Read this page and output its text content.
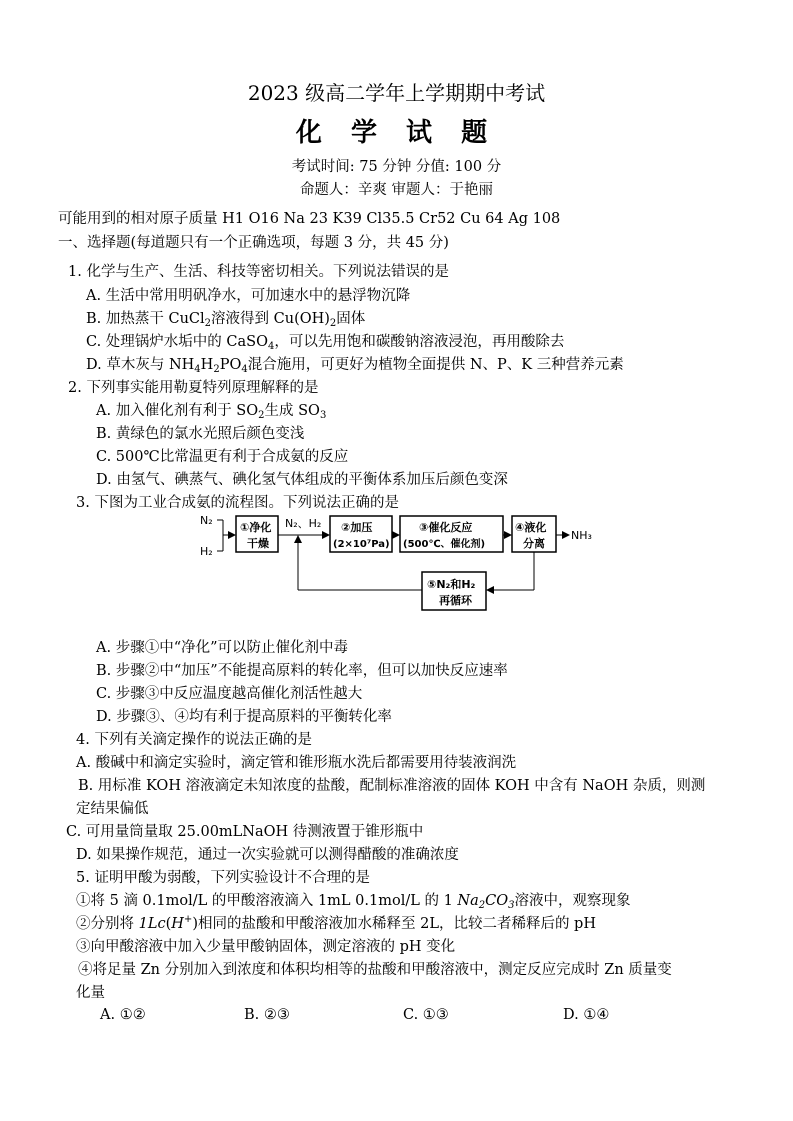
2023 级高二学年上学期期中考试
化 学 试 题
考试时间: 75 分钟 分值: 100 分
命题人：辛爽 审题人：于艳丽
可能用到的相对原子质量 H1 O16 Na 23 K39 Cl35.5 Cr52 Cu 64 Ag 108
一、选择题(每道题只有一个正确选项，每题 3 分，共 45 分)
1. 化学与生产、生活、科技等密切相关。下列说法错误的是
A. 生活中常用明矾净水，可加速水中的悬浮物沉降
B. 加热蒸干 CuCl$_2$溶液得到 $Cu(OH)_2$固体
C. 处理锅炉水垢中的 CaSO$_4$，可以先用饱和碳酸钠溶液浸泡，再用酸除去
D. 草木灰与 $NH_4H_2PO_4$混合施用，可更好为植物全面提供 N、P、K 三种营养元素
2. 下列事实能用勒夏特列原理解释的是
A. 加入催化剂有利于 $SO_2$生成 $SO_3$
B. 黄绿色的氯水光照后颜色变浅
C. 500℃比常温更有利于合成氨的反应
D. 由氢气、碘蒸气、碘化氢气体组成的平衡体系加压后颜色变深
3. 下图为工业合成氨的流程图。下列说法正确的是
N₂
H₂
①净化
干燥
N₂、H₂ ②加压
(2×10⁷Pa)
③催化反应
(500℃、催化剂)
④液化
分离
NH₃
⑤N₂和H₂
再循环
A. 步骤①中“净化”可以防止催化剂中毒
B. 步骤②中“加压”不能提高原料的转化率，但可以加快反应速率
C. 步骤③中反应温度越高催化剂活性越大
D. 步骤③、④均有利于提高原料的平衡转化率
4. 下列有关滴定操作的说法正确的是
A. 酸碱中和滴定实验时，滴定管和锥形瓶水洗后都需要用待装液润洗
B. 用标准 KOH 溶液滴定未知浓度的盐酸，配制标准溶液的固体 KOH 中含有 NaOH 杂质，则测
定结果偏低
C. 可用量筒量取 25.00mLNaOH 待测液置于锥形瓶中
D. 如果操作规范，通过一次实验就可以测得醋酸的准确浓度
5. 证明甲酸为弱酸，下列实验设计不合理的是
①将 5 滴 0.1mol/L 的甲酸溶液滴入 1mL 0.1mol/L 的 1 $Na_2CO_3$溶液中，观察现象
②分别将 1Lc(H+)相同的盐酸和甲酸溶液加水稀释至 2L，比较二者稀释后的 pH
③向甲酸溶液中加入少量甲酸钠固体，测定溶液的 pH 变化
④将足量 Zn 分别加入到浓度和体积均相等的盐酸和甲酸溶液中，测定反应完成时 Zn 质量变
化量
A. ①②	B. ②③	C. ①③	D. ①④
